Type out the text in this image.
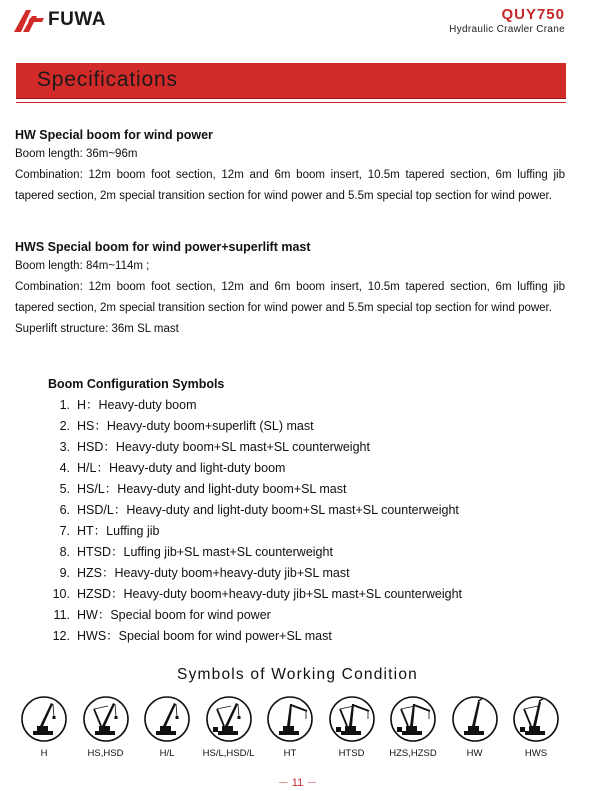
FUWA	QUY750
Hydraulic Crawler Crane
Specifications
HW Special boom for wind power

Boom length: 36m~96m

Combination: 12m boom foot section, 12m and 6m boom insert, 10.5m tapered section, 6m luffing jib tapered section, 2m special transition section for wind power and 5.5m special top section for wind power.

HWS Special boom for wind power+superlift mast

Boom length: 84m~114m ;

Combination: 12m boom foot section, 12m and 6m boom insert, 10.5m tapered section, 6m luffing jib tapered section, 2m special transition section for wind power and 5.5m special top section for wind power.

Superlift structure: 36m SL mast

Boom Configuration Symbols
1. H：Heavy-duty boom
2. HS：Heavy-duty boom+superlift (SL) mast
3. HSD：Heavy-duty boom+SL mast+SL counterweight
4. H/L：Heavy-duty and light-duty boom
5. HS/L：Heavy-duty and light-duty boom+SL mast
6. HSD/L：Heavy-duty and light-duty boom+SL mast+SL counterweight
7. HT：Luffing jib
8. HTSD：Luffing jib+SL mast+SL counterweight
9. HZS：Heavy-duty boom+heavy-duty jib+SL mast
10. HZSD：Heavy-duty boom+heavy-duty jib+SL mast+SL counterweight
11. HW：Special boom for wind power
12. HWS：Special boom for wind power+SL mast
Symbols of Working Condition
H	HS,HSD	H/L	HS/L,HSD/L	HT	HTSD	HZS,HZSD	HW	HWS
－ 11 －
